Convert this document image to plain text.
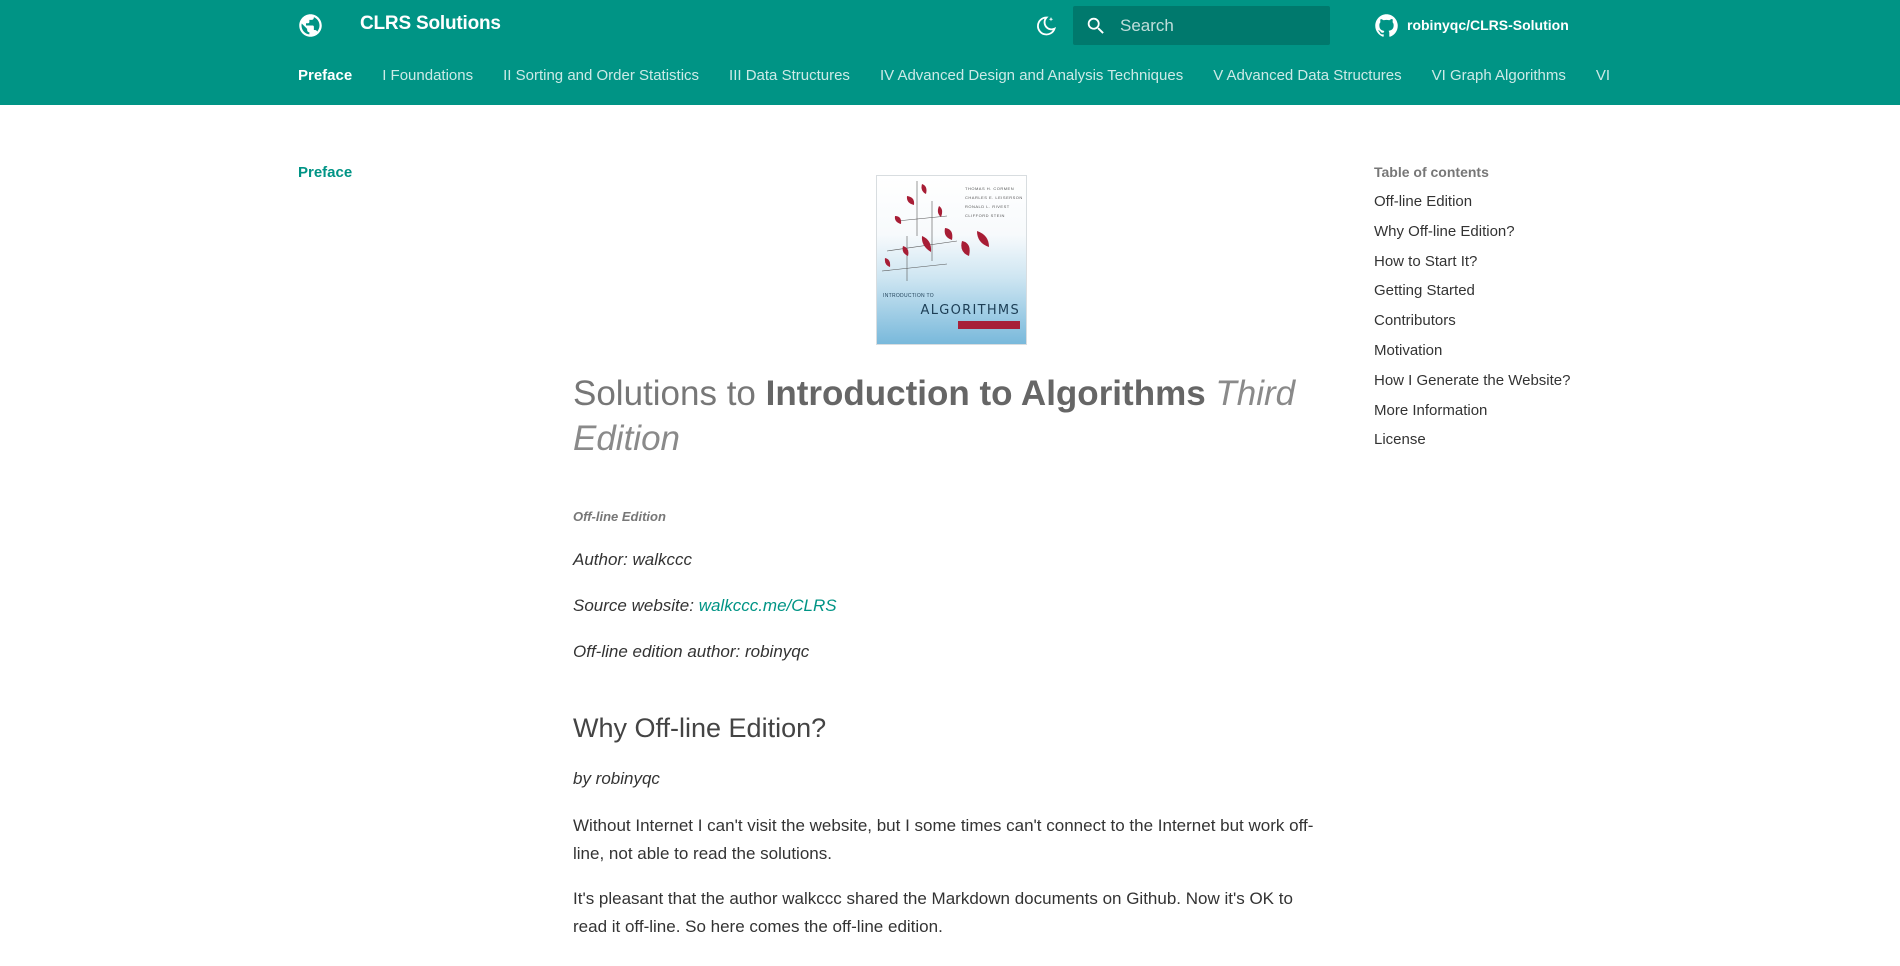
CLRS Solutions
Search	robinyqc/CLRS-Solution
Preface I Foundations II Sorting and Order Statistics III Data Structures IV Advanced Design and Analysis Techniques V Advanced Data Structures VI Graph Algorithms VI
Preface
THOMAS H. CORMEN
CHARLES E. LEISERSON
RONALD L. RIVEST
CLIFFORD STEIN
INTRODUCTION TO
ALGORITHMS
Solutions to Introduction to Algorithms Third Edition
Off-line Edition
Author: walkccc
Source website: walkccc.me/CLRS
Off-line edition author: robinyqc
Why Off-line Edition?
by robinyqc
Without Internet I can't visit the website, but I some times can't connect to the Internet but work off-line, not able to read the solutions.
It's pleasant that the author walkccc shared the Markdown documents on Github. Now it's OK to read it off-line. So here comes the off-line edition.
Table of contents
Off-line Edition
Why Off-line Edition?
How to Start It?
Getting Started
Contributors
Motivation
How I Generate the Website?
More Information
License
